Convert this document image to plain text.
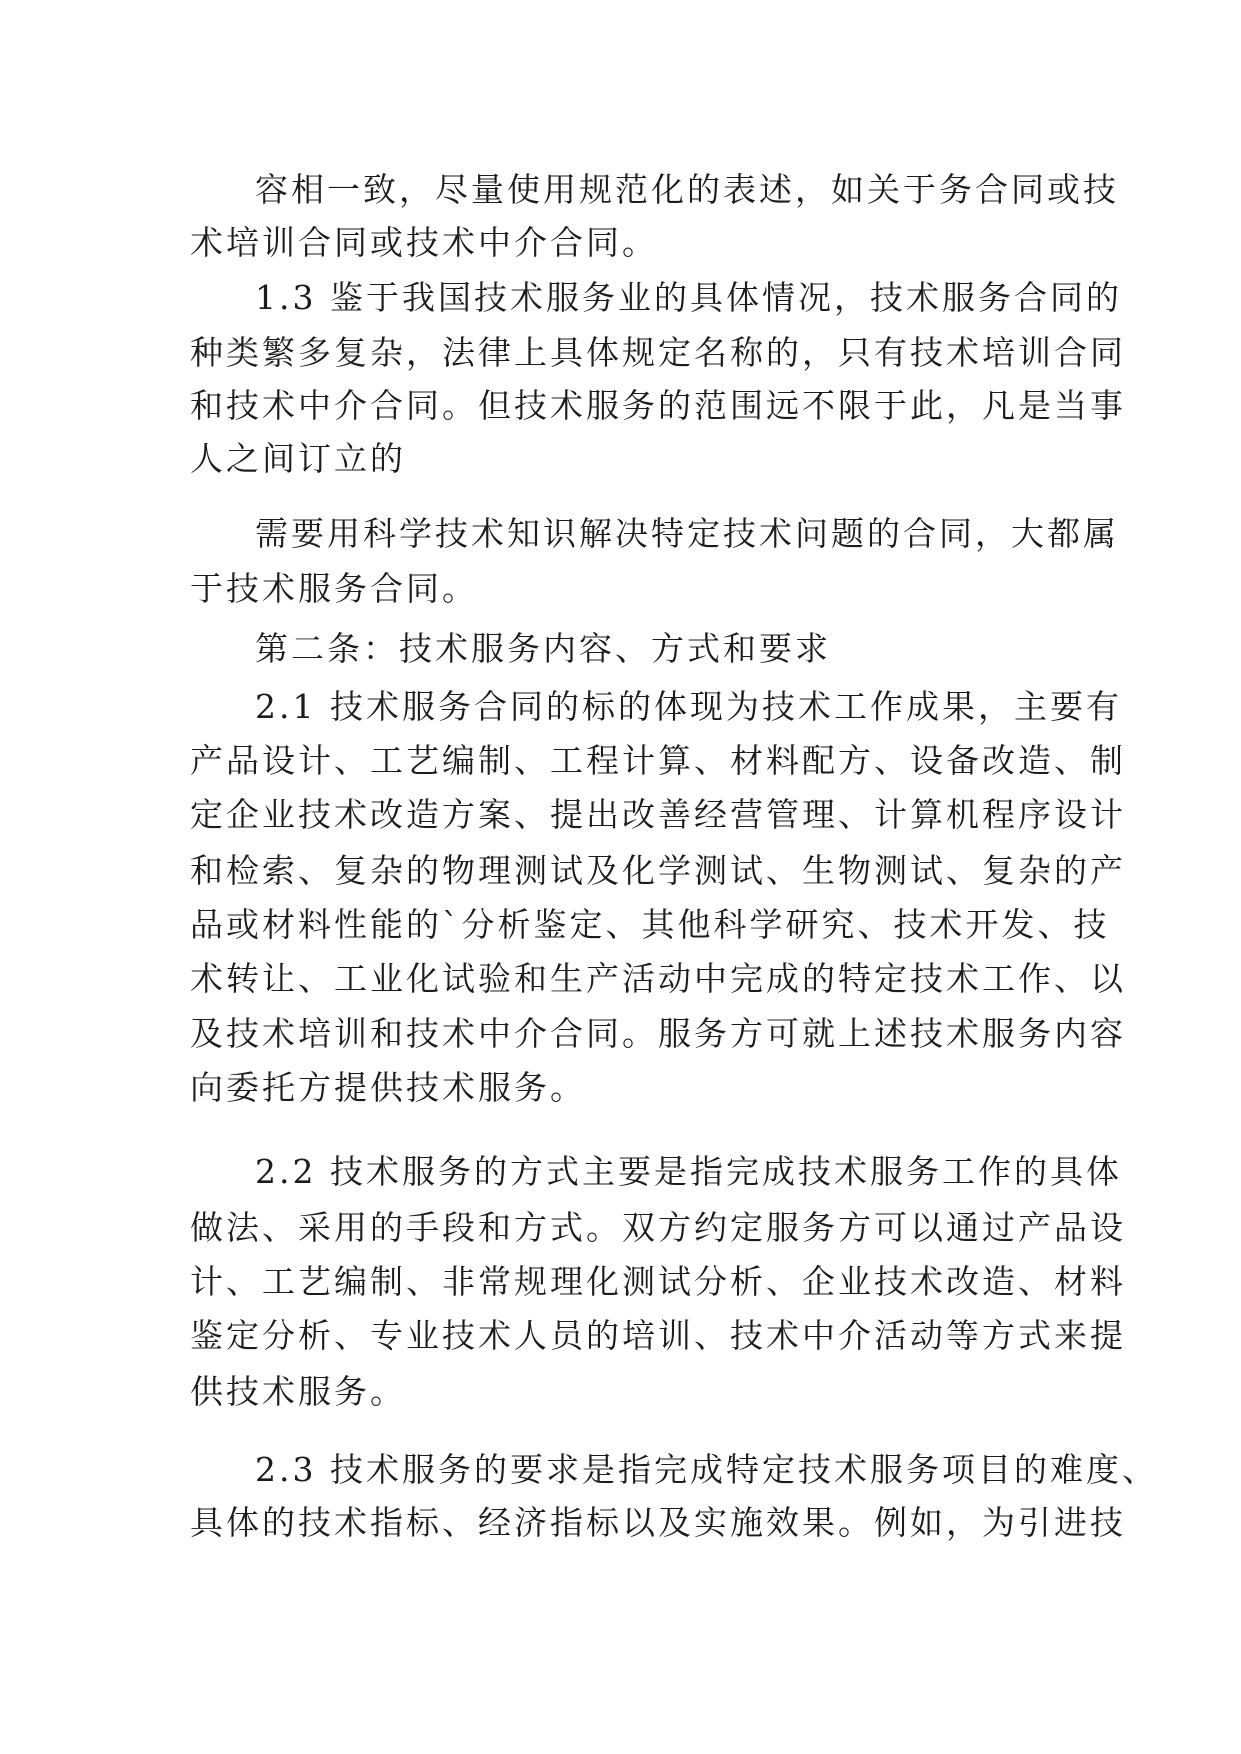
容相一致，尽量使用规范化的表述，如关于务合同或技
术培训合同或技术中介合同。
1.3 鉴于我国技术服务业的具体情况，技术服务合同的
种类繁多复杂，法律上具体规定名称的，只有技术培训合同
和技术中介合同。但技术服务的范围远不限于此，凡是当事
人之间订立的
需要用科学技术知识解决特定技术问题的合同，大都属
于技术服务合同。
第二条：技术服务内容、方式和要求
2.1 技术服务合同的标的体现为技术工作成果，主要有
产品设计、工艺编制、工程计算、材料配方、设备改造、制
定企业技术改造方案、提出改善经营管理、计算机程序设计
和检索、复杂的物理测试及化学测试、生物测试、复杂的产
品或材料性能的`分析鉴定、其他科学研究、技术开发、技
术转让、工业化试验和生产活动中完成的特定技术工作、以
及技术培训和技术中介合同。服务方可就上述技术服务内容
向委托方提供技术服务。
2.2 技术服务的方式主要是指完成技术服务工作的具体
做法、采用的手段和方式。双方约定服务方可以通过产品设
计、工艺编制、非常规理化测试分析、企业技术改造、材料
鉴定分析、专业技术人员的培训、技术中介活动等方式来提
供技术服务。
2.3 技术服务的要求是指完成特定技术服务项目的难度、
具体的技术指标、经济指标以及实施效果。例如，为引进技
